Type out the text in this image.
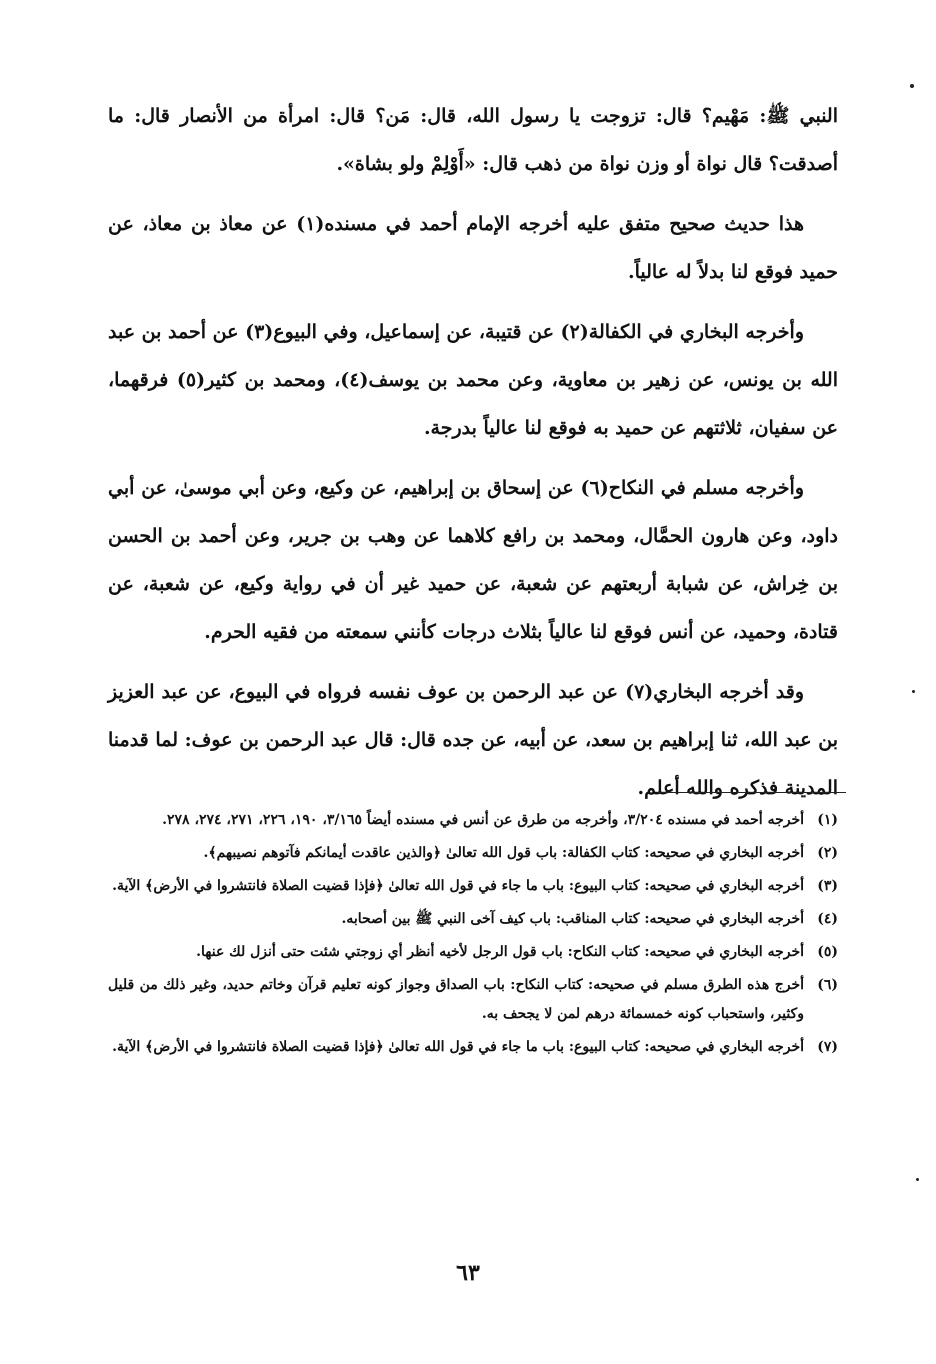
النبي ﷺ: مَهْيم؟ قال: تزوجت يا رسول الله، قال: مَن؟ قال: امرأة من الأنصار قال: ما أصدقت؟ قال نواة أو وزن نواة من ذهب قال: «أَوْلِمْ ولو بشاة».

هذا حديث صحيح متفق عليه أخرجه الإمام أحمد في مسنده(١) عن معاذ بن معاذ، عن حميد فوقع لنا بدلاً له عالياً.

وأخرجه البخاري في الكفالة(٢) عن قتيبة، عن إسماعيل، وفي البيوع(٣) عن أحمد بن عبد الله بن يونس، عن زهير بن معاوية، وعن محمد بن يوسف(٤)، ومحمد بن كثير(٥) فرقهما، عن سفيان، ثلاثتهم عن حميد به فوقع لنا عالياً بدرجة.

وأخرجه مسلم في النكاح(٦) عن إسحاق بن إبراهيم، عن وكيع، وعن أبي موسىٰ، عن أبي داود، وعن هارون الحمَّال، ومحمد بن رافع كلاهما عن وهب بن جرير، وعن أحمد بن الحسن بن خِراش، عن شبابة أربعتهم عن شعبة، عن حميد غير أن في رواية وكيع، عن شعبة، عن قتادة، وحميد، عن أنس فوقع لنا عالياً بثلاث درجات كأنني سمعته من فقيه الحرم.

وقد أخرجه البخاري(٧) عن عبد الرحمن بن عوف نفسه فرواه في البيوع، عن عبد العزيز بن عبد الله، ثنا إبراهيم بن سعد، عن أبيه، عن جده قال: قال عبد الرحمن بن عوف: لما قدمنا المدينة فذكره والله أعلم.

(١)
أخرجه أحمد في مسنده ٣/٢٠٤، وأخرجه من طرق عن أنس في مسنده أيضاً ٣/١٦٥، ١٩٠، ٢٢٦، ٢٧١، ٢٧٤، ٢٧٨.

(٢)
أخرجه البخاري في صحيحه: كتاب الكفالة: باب قول الله تعالىٰ ﴿والذين عاقدت أيمانكم فآتوهم نصيبهم﴾.

(٣)
أخرجه البخاري في صحيحه: كتاب البيوع: باب ما جاء في قول الله تعالىٰ ﴿فإذا قضيت الصلاة فانتشروا في الأرض﴾ الآية.

(٤)
أخرجه البخاري في صحيحه: كتاب المناقب: باب كيف آخى النبي ﷺ بين أصحابه.

(٥)
أخرجه البخاري في صحيحه: كتاب النكاح: باب قول الرجل لأخيه أنظر أي زوجتي شئت حتى أنزل لك عنها.

(٦)
أخرج هذه الطرق مسلم في صحيحه: كتاب النكاح: باب الصداق وجواز كونه تعليم قرآن وخاتم حديد، وغير ذلك من قليل وكثير، واستحباب كونه خمسمائة درهم لمن لا يجحف به.

(٧)
أخرجه البخاري في صحيحه: كتاب البيوع: باب ما جاء في قول الله تعالىٰ ﴿فإذا قضيت الصلاة فانتشروا في الأرض﴾ الآية.

٦٣
